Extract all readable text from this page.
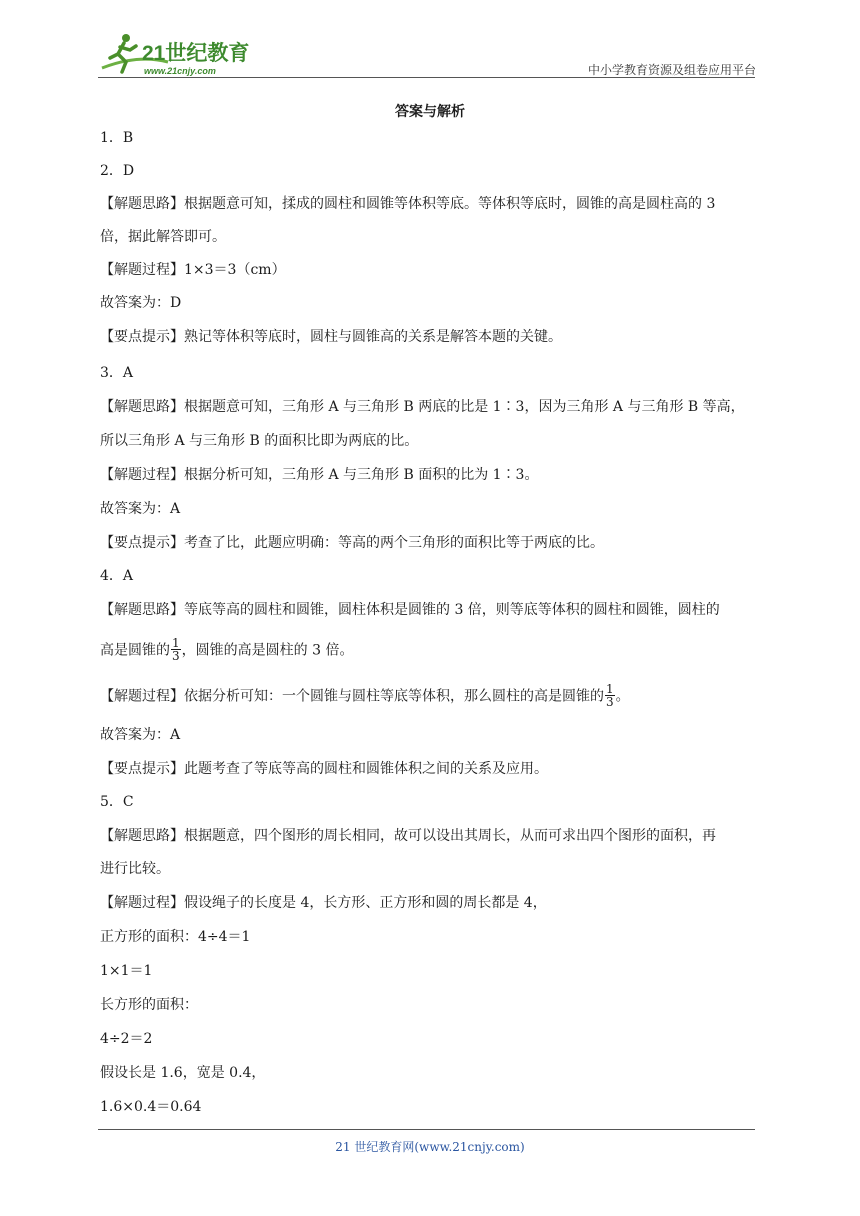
21世纪教育
www.21cnjy.com	中小学教育资源及组卷应用平台
答案与解析
1．B
2．D
【解题思路】根据题意可知，揉成的圆柱和圆锥等体积等底。等体积等底时，圆锥的高是圆柱高的 3
倍，据此解答即可。
【解题过程】1×3＝3（cm）
故答案为：D
【要点提示】熟记等体积等底时，圆柱与圆锥高的关系是解答本题的关键。
3．A
【解题思路】根据题意可知，三角形 A 与三角形 B 两底的比是 1∶3，因为三角形 A 与三角形 B 等高，
所以三角形 A 与三角形 B 的面积比即为两底的比。
【解题过程】根据分析可知，三角形 A 与三角形 B 面积的比为 1∶3。
故答案为：A
【要点提示】考查了比，此题应明确：等高的两个三角形的面积比等于两底的比。
4．A
【解题思路】等底等高的圆柱和圆锥，圆柱体积是圆锥的 3 倍，则等底等体积的圆柱和圆锥，圆柱的
高是圆锥的 $\frac{1}{3}$ ，圆锥的高是圆柱的 3 倍。
【解题过程】依据分析可知：一个圆锥与圆柱等底等体积，那么圆柱的高是圆锥的 $\frac{1}{3}$ 。
故答案为：A
【要点提示】此题考查了等底等高的圆柱和圆锥体积之间的关系及应用。
5．C
【解题思路】根据题意，四个图形的周长相同，故可以设出其周长，从而可求出四个图形的面积，再
进行比较。
【解题过程】假设绳子的长度是 4，长方形、正方形和圆的周长都是 4，
正方形的面积：4÷4＝1
1×1＝1
长方形的面积：
4÷2＝2
假设长是 1.6，宽是 0.4，
1.6×0.4＝0.64
21 世纪教育网(www.21cnjy.com)
